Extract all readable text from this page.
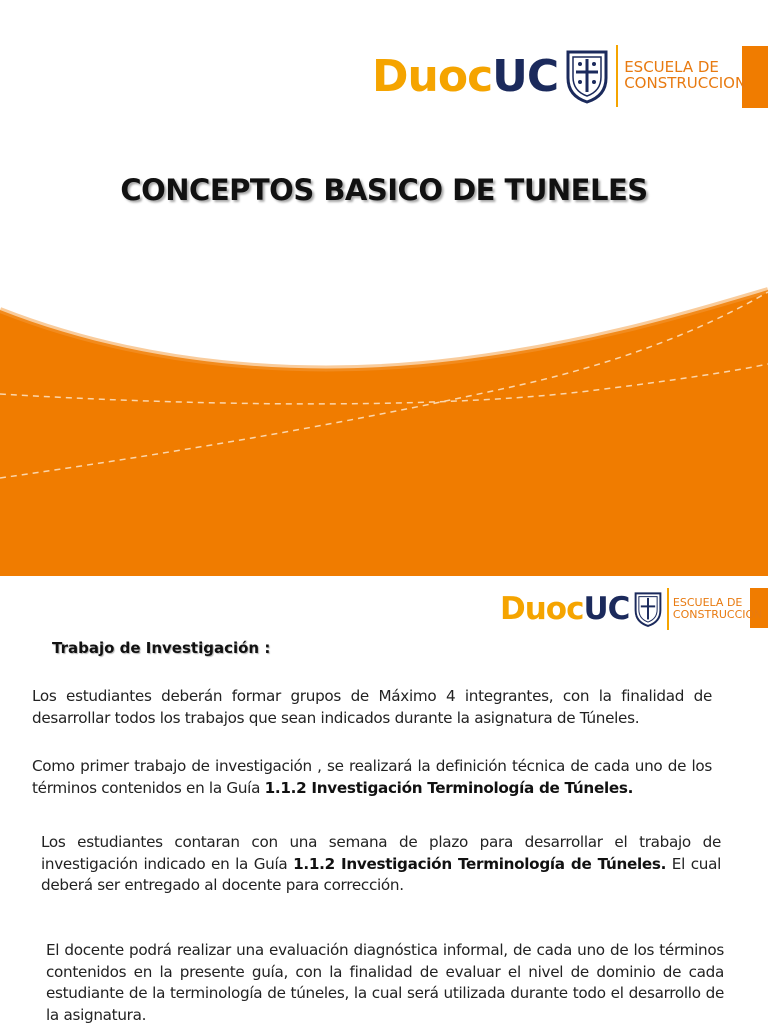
Duoc UC	ESCUELA DE
CONSTRUCCION
CONCEPTOS BASICO DE TUNELES
Duoc UC	ESCUELA DE
CONSTRUCCION
Trabajo de Investigación :

Los estudiantes deberán formar grupos de Máximo 4 integrantes, con la finalidad de desarrollar todos los trabajos que sean indicados durante la asignatura de Túneles.

Como primer trabajo de investigación , se realizará la definición técnica de cada uno de los términos contenidos en la Guía 1.1.2 Investigación Terminología de Túneles.

Los estudiantes contaran con una semana de plazo para desarrollar el trabajo de investigación indicado en la Guía 1.1.2 Investigación Terminología de Túneles. El cual deberá ser entregado al docente para corrección.

El docente podrá realizar una evaluación diagnóstica informal, de cada uno de los términos contenidos en la presente guía, con la finalidad de evaluar el nivel de dominio de cada estudiante de la terminología de túneles, la cual será utilizada durante todo el desarrollo de la asignatura.
